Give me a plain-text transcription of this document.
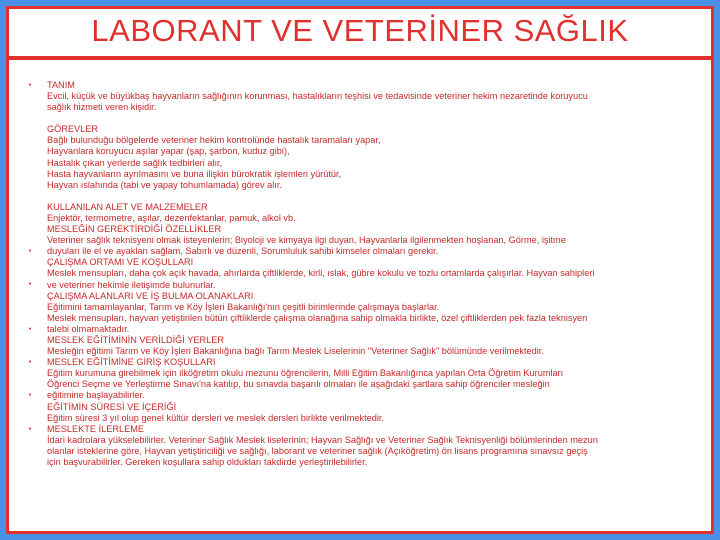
LABORANT VE VETERİNER SAĞLIK
• TANIM
Evcil, küçük ve büyükbaş hayvanların sağlığının korunması, hastalıkların teşhisi ve tedavisinde veteriner hekim nezaretinde koruyucu
sağlık hizmeti veren kişidir.
GÖREVLER
Bağlı bulunduğu bölgelerde veteriner hekim kontrolünde hastalık taramaları yapar,
Hayvanlara koruyucu aşılar yapar (şap, şarbon, kuduz gibi),
Hastalık çıkan yerlerde sağlık tedbirleri alır,
Hasta hayvanların ayrılmasını ve buna ilişkin bürokratik işlemleri yürütür,
Hayvan ıslahında (tabi ve yapay tohumlamada) görev alır.
KULLANILAN ALET VE MALZEMELER
Enjektör, termometre, aşılar, dezenfektanlar, pamuk, alkol vb.
MESLEĞİN GEREKTİRDİĞİ ÖZELLİKLER
Veteriner sağlık teknisyeni olmak isteyenlerin; Biyoloji ve kimyaya ilgi duyan, Hayvanlarla ilgilenmekten hoşlanan, Görme, işitme
• duyuları ile el ve ayakları sağlam, Sabırlı ve düzenli, Sorumluluk sahibi kimseler olmaları gerekir.
ÇALIŞMA ORTAMI VE KOŞULLARI
Meslek mensupları, daha çok açık havada, ahırlarda çiftliklerde, kirli, ıslak, gübre kokulu ve tozlu ortamlarda çalışırlar. Hayvan sahipleri
• ve veteriner hekimle iletişimde bulunurlar.
ÇALIŞMA ALANLARI VE İŞ BULMA OLANAKLARI
Eğitimini tamamlayanlar, Tarım ve Köy İşleri Bakanlığı'nın çeşitli birimlerinde çalışmaya başlarlar.
Meslek mensupları, hayvan yetiştirilen bütün çiftliklerde çalışma olanağına sahip olmakla birlikte, özel çiftliklerden pek fazla teknisyen
• talebi olmamaktadır.
MESLEK EĞİTİMİNİN VERİLDİĞİ YERLER
Mesleğin eğitimi Tarım ve Köy İşleri Bakanlığına bağlı Tarım Meslek Liselerinin "Veteriner Sağlık" bölümünde verilmektedir.
• MESLEK EĞİTİMİNE GİRİŞ KOŞULLARI
Eğitim kurumuna girebilmek için ilköğretim okulu mezunu öğrencilerin, Milli Eğitim Bakanlığınca yapılan Orta Öğretim Kurumları
Öğrenci Seçme ve Yerleştirme Sınavı'na katılıp, bu sınavda başarılı olmaları ile aşağıdaki şartlara sahip öğrenciler mesleğin
• eğitimine başlayabilirler.
EĞİTİMİN SÜRESİ VE İÇERİĞİ
Eğitim süresi 3 yıl olup genel kültür dersleri ve meslek dersleri birlikte verilmektedir.
• MESLEKTE İLERLEME
İdari kadrolara yükselebilirler. Veteriner Sağlık Meslek liselerinin; Hayvan Sağlığı ve Veteriner Sağlık Teknisyenliği bölümlerinden mezun
olanlar isteklerine göre, Hayvan yetiştiriciliği ve sağlığı, laborant ve veteriner sağlık (Açıköğretim) ön lisans programına sınavsız geçiş
için başvurabilirler. Gereken koşullara sahip oldukları takdirde yerleştirilebilirler.
